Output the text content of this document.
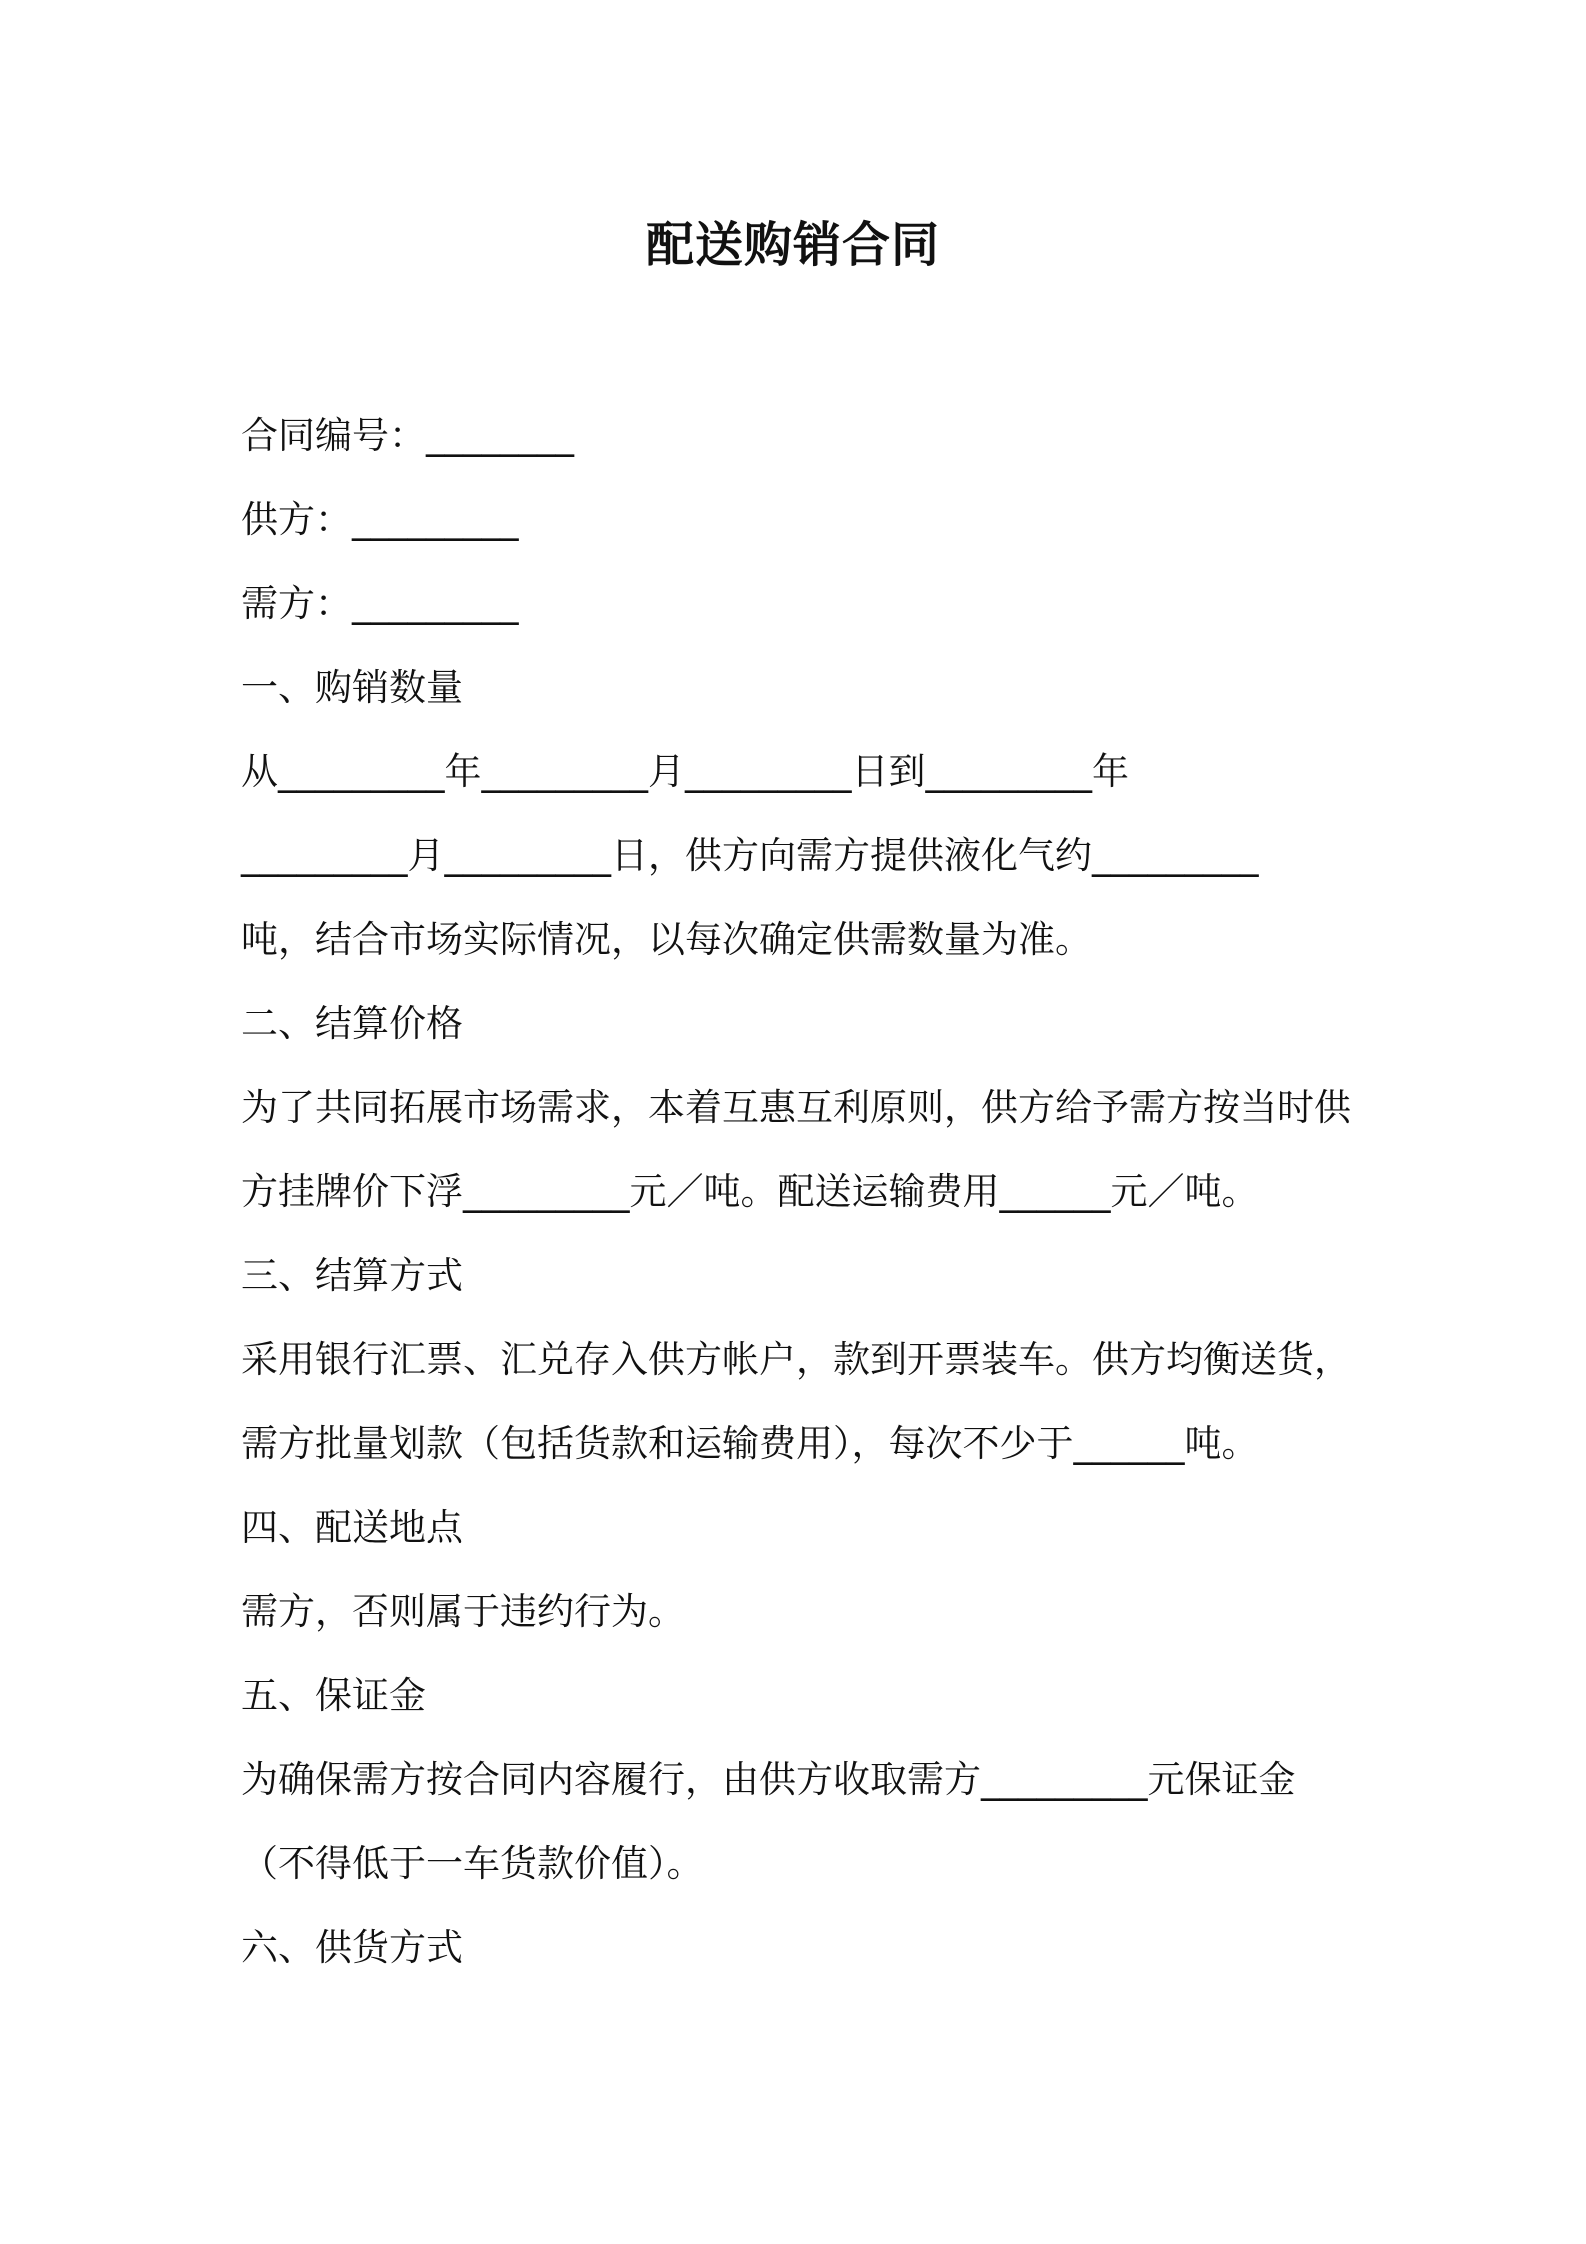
配送购销合同
合同编号：________
供方：_________
需方：_________
一、购销数量
从_________年_________月_________日到_________年
_________月_________日，供方向需方提供液化气约_________
吨，结合市场实际情况，以每次确定供需数量为准。
二、结算价格
为了共同拓展市场需求，本着互惠互利原则，供方给予需方按当时供
方挂牌价下浮_________元／吨。配送运输费用______元／吨。
三、结算方式
采用银行汇票、汇兑存入供方帐户，款到开票装车。供方均衡送货，
需方批量划款（包括货款和运输费用），每次不少于______吨。
四、配送地点
需方，否则属于违约行为。
五、保证金
为确保需方按合同内容履行，由供方收取需方_________元保证金
（不得低于一车货款价值）。
六、供货方式
